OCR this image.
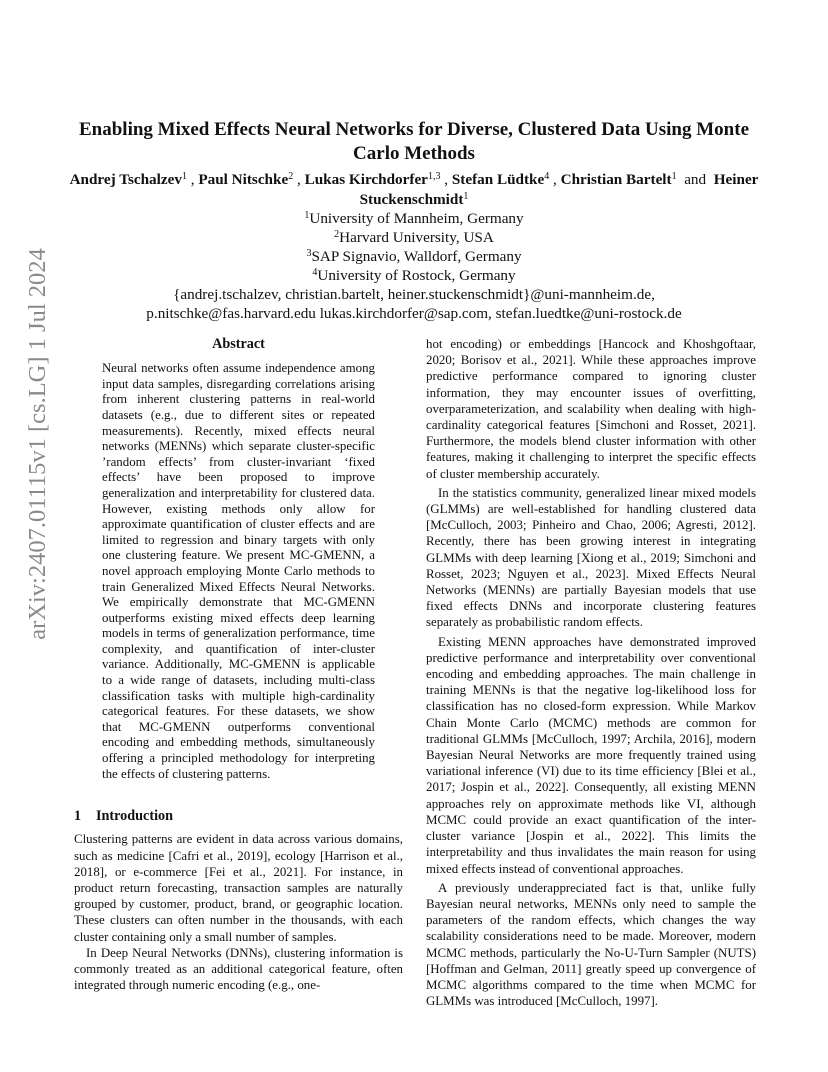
arXiv:2407.01115v1 [cs.LG] 1 Jul 2024
Enabling Mixed Effects Neural Networks for Diverse, Clustered Data Using Monte Carlo Methods
Andrej Tschalzev$^1$ , Paul Nitschke$^2$ , Lukas Kirchdorfer$^{1,3}$ , Stefan Lüdtke$^4$ , Christian Bartelt$^1$ and Heiner Stuckenschmidt$^1$
$^1$University of Mannheim, Germany
$^2$Harvard University, USA
$^3$SAP Signavio, Walldorf, Germany
$^4$University of Rostock, Germany
{andrej.tschalzev, christian.bartelt, heiner.stuckenschmidt}@uni-mannheim.de,
p.nitschke@fas.harvard.edu lukas.kirchdorfer@sap.com, stefan.luedtke@uni-rostock.de
Abstract

Neural networks often assume independence among input data samples, disregarding correlations arising from inherent clustering patterns in real-world datasets (e.g., due to different sites or repeated measurements). Recently, mixed effects neural networks (MENNs) which separate cluster-specific ’random effects’ from cluster-invariant ‘fixed effects’ have been proposed to improve generalization and interpretability for clustered data. However, existing methods only allow for approximate quantification of cluster effects and are limited to regression and binary targets with only one clustering feature. We present MC-GMENN, a novel approach employing Monte Carlo methods to train Generalized Mixed Effects Neural Networks. We empirically demonstrate that MC-GMENN outperforms existing mixed effects deep learning models in terms of generalization performance, time complexity, and quantification of inter-cluster variance. Additionally, MC-GMENN is applicable to a wide range of datasets, including multi-class classification tasks with multiple high-cardinality categorical features. For these datasets, we show that MC-GMENN outperforms conventional encoding and embedding methods, simultaneously offering a principled methodology for interpreting the effects of clustering patterns.

1 Introduction

Clustering patterns are evident in data across various domains, such as medicine [Cafri et al., 2019], ecology [Harrison et al., 2018], or e-commerce [Fei et al., 2021]. For instance, in product return forecasting, transaction samples are naturally grouped by customer, product, brand, or geographic location. These clusters can often number in the thousands, with each cluster containing only a small number of samples.

In Deep Neural Networks (DNNs), clustering information is commonly treated as an additional categorical feature, often integrated through numeric encoding (e.g., one-

hot encoding) or embeddings [Hancock and Khoshgoftaar, 2020; Borisov et al., 2021]. While these approaches improve predictive performance compared to ignoring cluster information, they may encounter issues of overfitting, overparameterization, and scalability when dealing with high-cardinality categorical features [Simchoni and Rosset, 2021]. Furthermore, the models blend cluster information with other features, making it challenging to interpret the specific effects of cluster membership accurately.

In the statistics community, generalized linear mixed models (GLMMs) are well-established for handling clustered data [McCulloch, 2003; Pinheiro and Chao, 2006; Agresti, 2012]. Recently, there has been growing interest in integrating GLMMs with deep learning [Xiong et al., 2019; Simchoni and Rosset, 2023; Nguyen et al., 2023]. Mixed Effects Neural Networks (MENNs) are partially Bayesian models that use fixed effects DNNs and incorporate clustering features separately as probabilistic random effects.

Existing MENN approaches have demonstrated improved predictive performance and interpretability over conventional encoding and embedding approaches. The main challenge in training MENNs is that the negative log-likelihood loss for classification has no closed-form expression. While Markov Chain Monte Carlo (MCMC) methods are common for traditional GLMMs [McCulloch, 1997; Archila, 2016], modern Bayesian Neural Networks are more frequently trained using variational inference (VI) due to its time efficiency [Blei et al., 2017; Jospin et al., 2022]. Consequently, all existing MENN approaches rely on approximate methods like VI, although MCMC could provide an exact quantification of the inter-cluster variance [Jospin et al., 2022]. This limits the interpretability and thus invalidates the main reason for using mixed effects instead of conventional approaches.

A previously underappreciated fact is that, unlike fully Bayesian neural networks, MENNs only need to sample the parameters of the random effects, which changes the way scalability considerations need to be made. Moreover, modern MCMC methods, particularly the No-U-Turn Sampler (NUTS) [Hoffman and Gelman, 2011] greatly speed up convergence of MCMC algorithms compared to the time when MCMC for GLMMs was introduced [McCulloch, 1997].
